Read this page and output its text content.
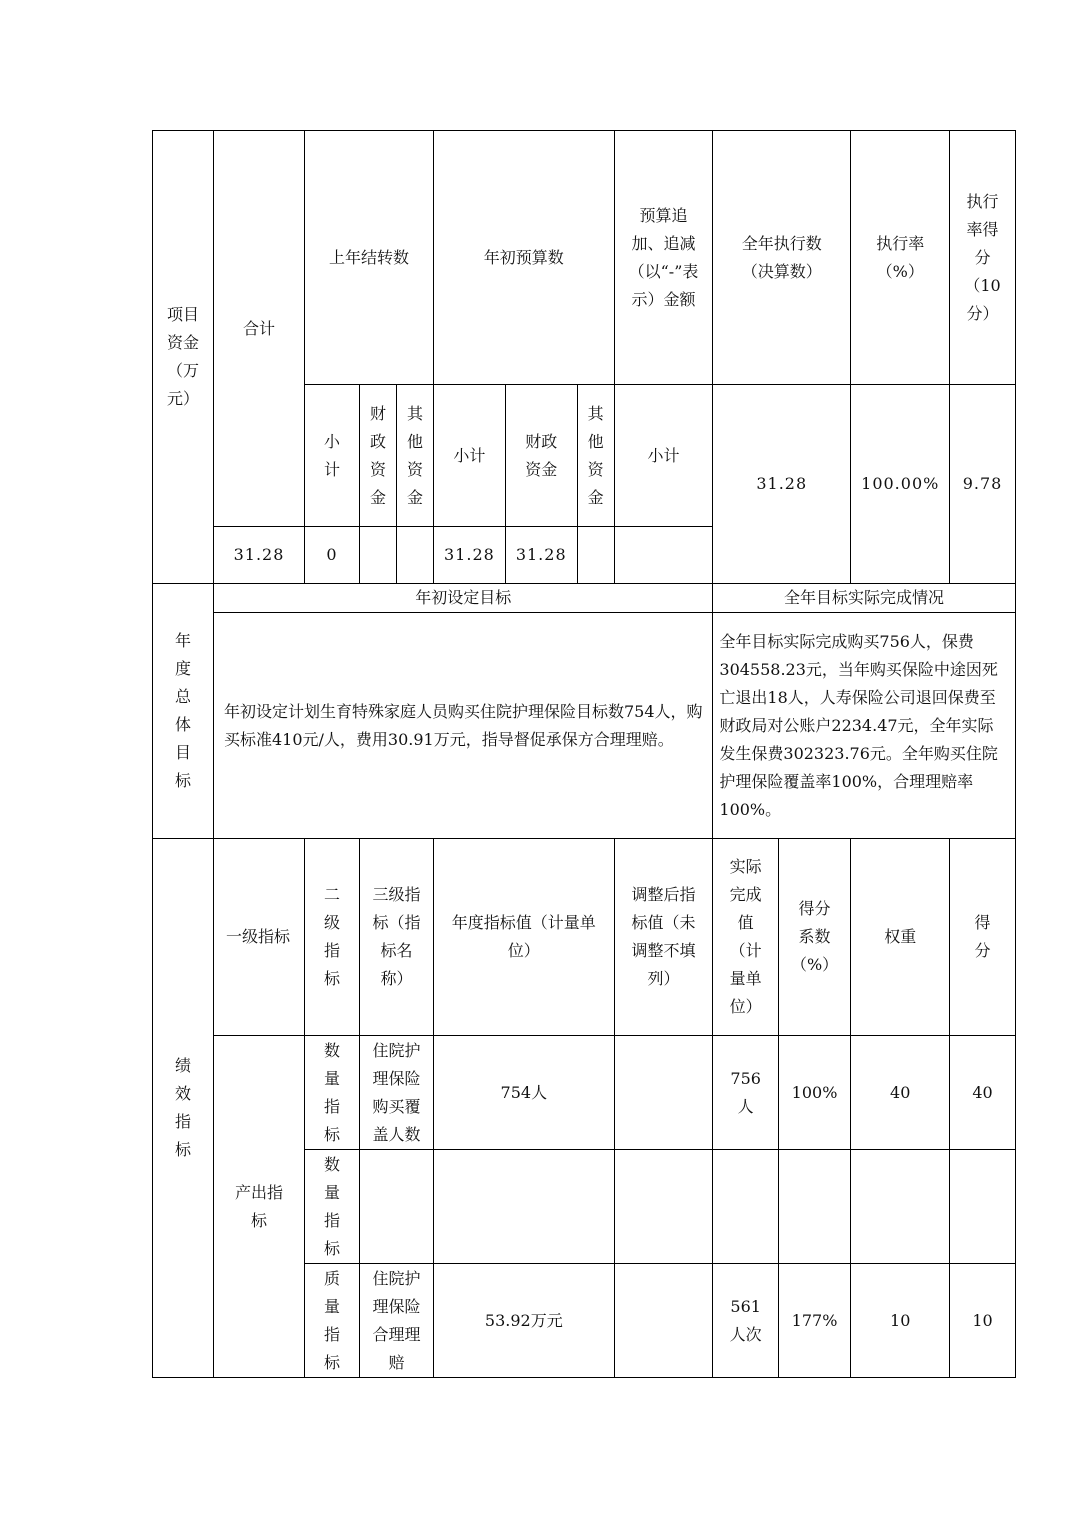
项目资金（万元）	合计	上年结转数			年初预算数			预算追加、追减（以“-”表示）金额	全年执行数（决算数）		执行率（%）	执行率得分（10分）
		小计	财政资金	其他资金	小计	财政资金	其他资金	小计	31.28		100.00%	9.78
	31.28	0			31.28	31.28						
年度总体目标	年初设定目标								全年目标实际完成情况			
	年初设定计划生育特殊家庭人员购买住院护理保险目标数754人，购买标准410元/人，费用30.91万元，指导督促承保方合理理赔。								全年目标实际完成购买756人，保费304558.23元，当年购买保险中途因死亡退出18人，人寿保险公司退回保费至财政局对公账户2234.47元，全年实际发生保费302323.76元。全年购买住院护理保险覆盖率100%，合理理赔率100%。			
绩效指标	一级指标	二级指标	三级指标（指标名称）		年度指标值（计量单位）			调整后指标值（未调整不填列）	实际完成值（计量单位）	得分系数（%）	权重	得分
	产出指标	数量指标	住院护理保险购买覆盖人数		754人				756人	100%	40	40
		数量指标										
		质量指标	住院护理保险合理理赔		53.92万元				561人次	177%	10	10
